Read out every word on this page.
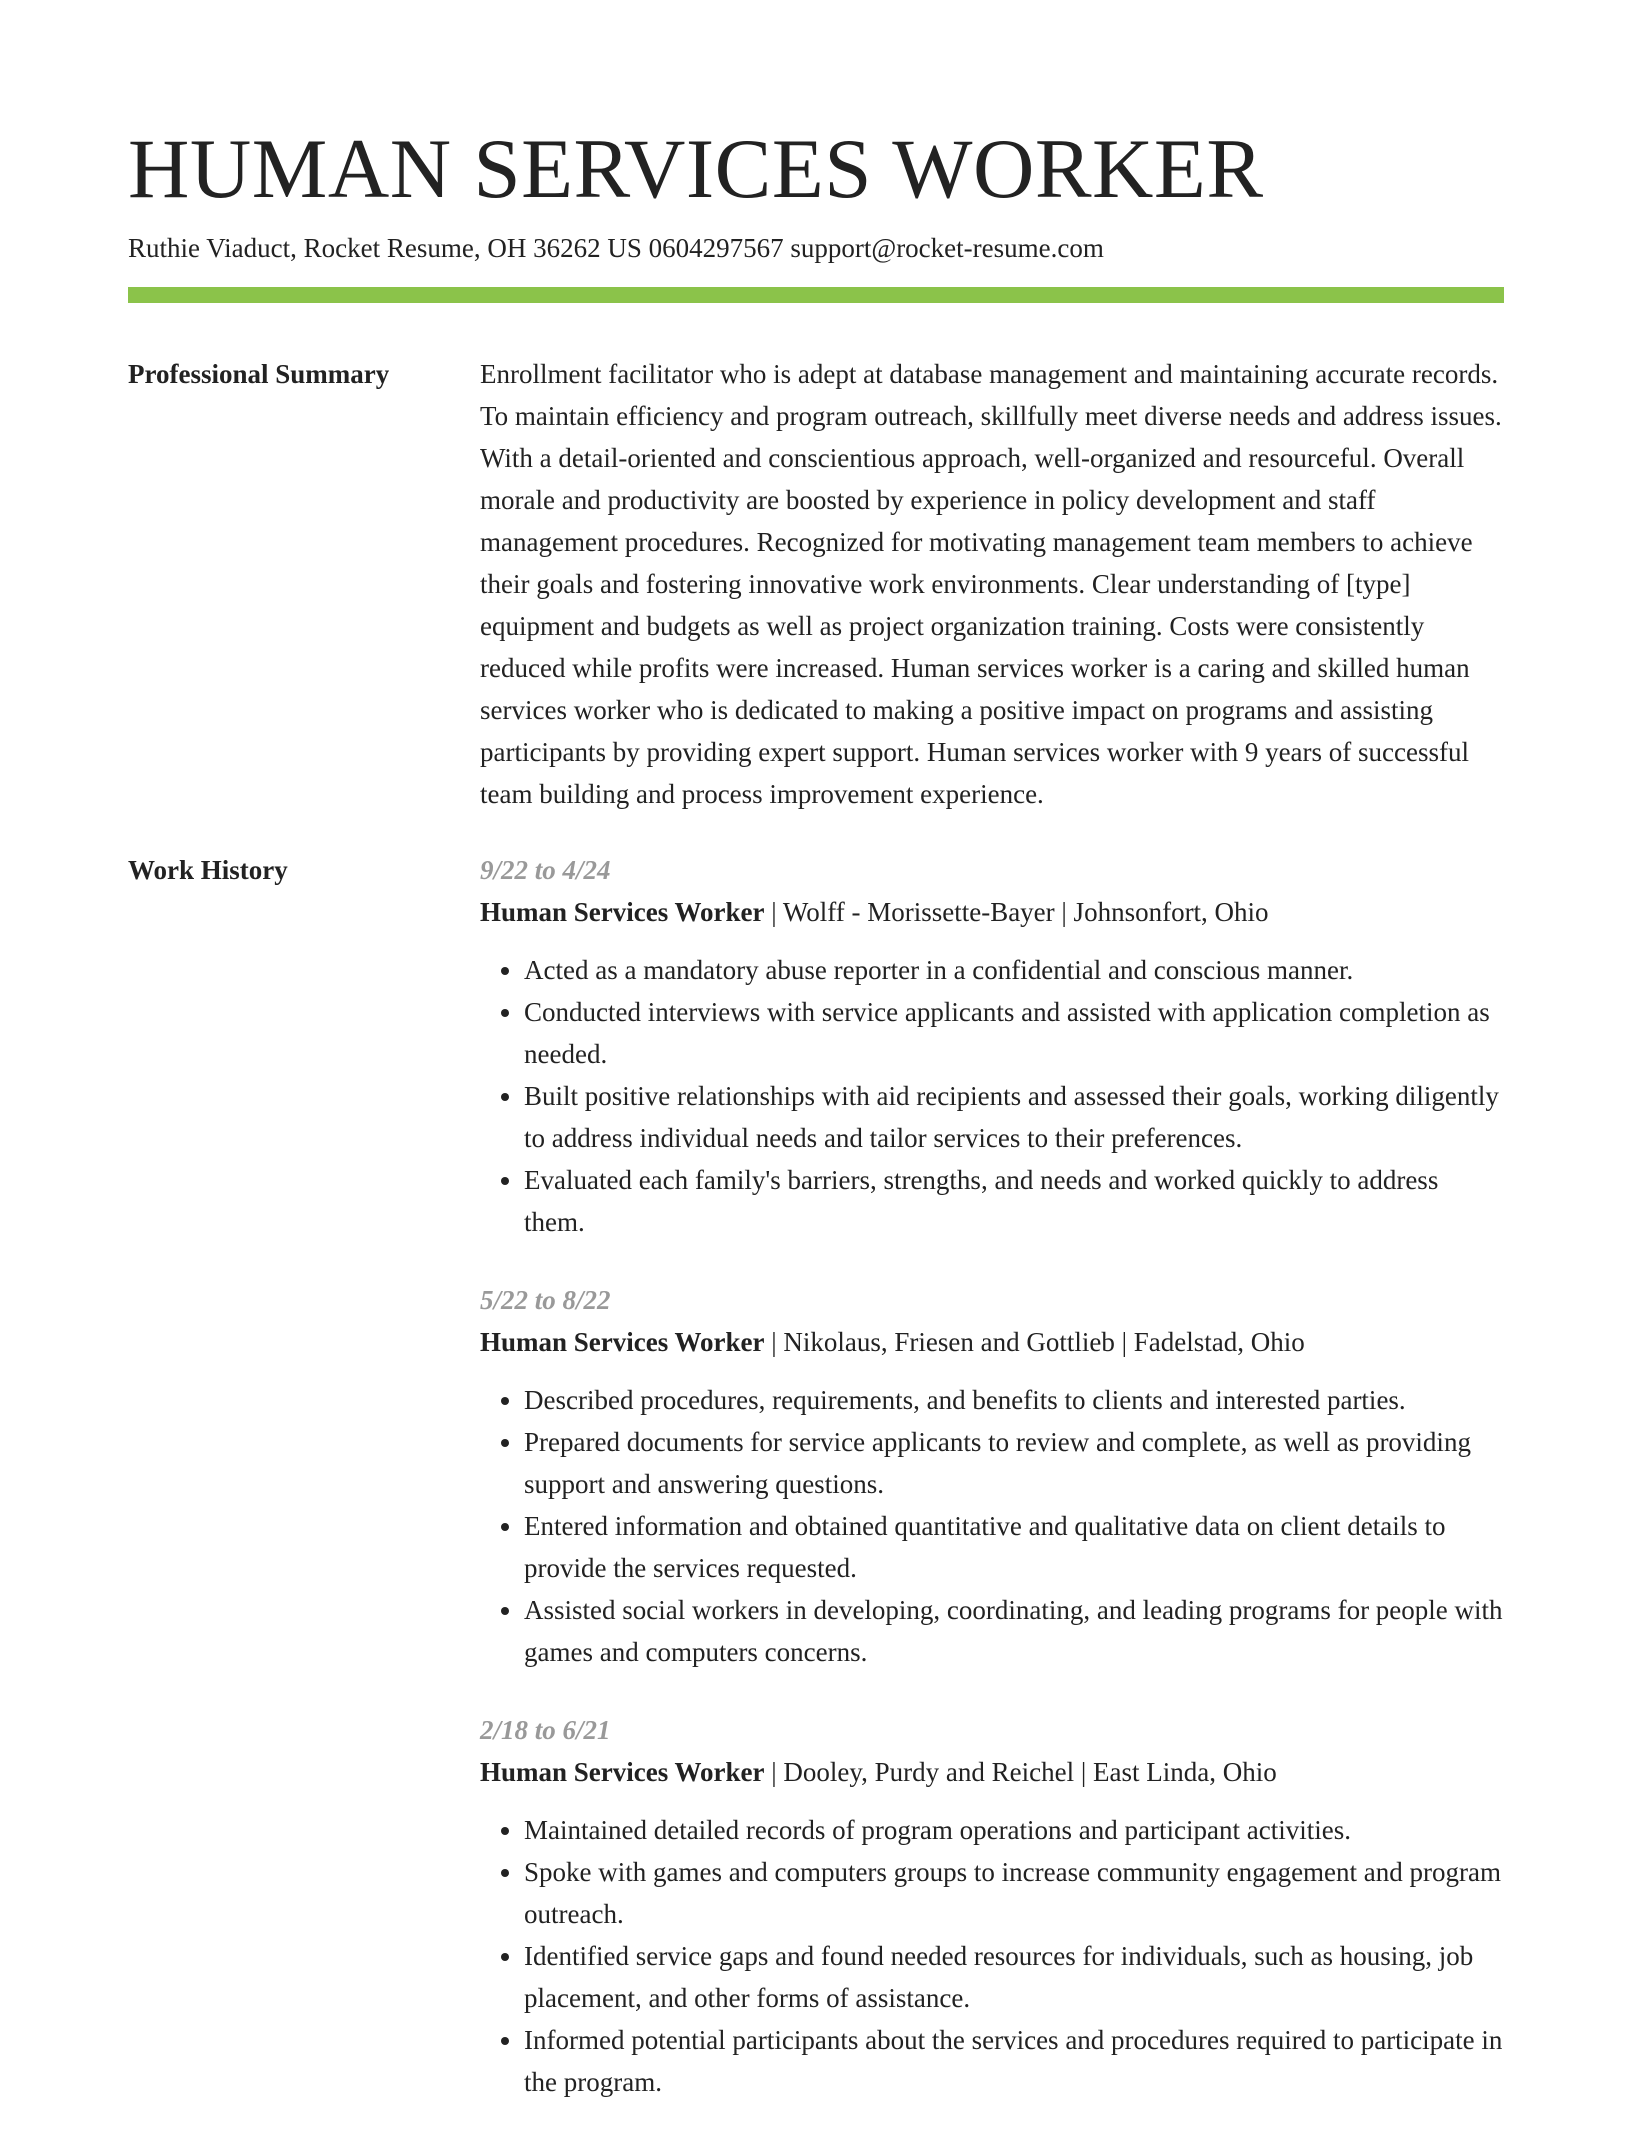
HUMAN SERVICES WORKER
Ruthie Viaduct, Rocket Resume, OH 36262 US 0604297567 support@rocket-resume.com
Professional Summary	Enrollment facilitator who is adept at database management and maintaining accurate records. To maintain efficiency and program outreach, skillfully meet diverse needs and address issues. With a detail-oriented and conscientious approach, well-organized and resourceful. Overall morale and productivity are boosted by experience in policy development and staff management procedures. Recognized for motivating management team members to achieve their goals and fostering innovative work environments. Clear understanding of [type] equipment and budgets as well as project organization training. Costs were consistently reduced while profits were increased. Human services worker is a caring and skilled human services worker who is dedicated to making a positive impact on programs and assisting participants by providing expert support. Human services worker with 9 years of successful team building and process improvement experience.

Work History	9/22 to 4/24
Human Services Worker | Wolff - Morissette-Bayer | Johnsonfort, Ohio
• Acted as a mandatory abuse reporter in a confidential and conscious manner.
• Conducted interviews with service applicants and assisted with application completion as needed.
• Built positive relationships with aid recipients and assessed their goals, working diligently to address individual needs and tailor services to their preferences.
• Evaluated each family's barriers, strengths, and needs and worked quickly to address them.
5/22 to 8/22
Human Services Worker | Nikolaus, Friesen and Gottlieb | Fadelstad, Ohio
• Described procedures, requirements, and benefits to clients and interested parties.
• Prepared documents for service applicants to review and complete, as well as providing support and answering questions.
• Entered information and obtained quantitative and qualitative data on client details to provide the services requested.
• Assisted social workers in developing, coordinating, and leading programs for people with games and computers concerns.
2/18 to 6/21
Human Services Worker | Dooley, Purdy and Reichel | East Linda, Ohio
• Maintained detailed records of program operations and participant activities.
• Spoke with games and computers groups to increase community engagement and program outreach.
• Identified service gaps and found needed resources for individuals, such as housing, job placement, and other forms of assistance.
• Informed potential participants about the services and procedures required to participate in the program.
